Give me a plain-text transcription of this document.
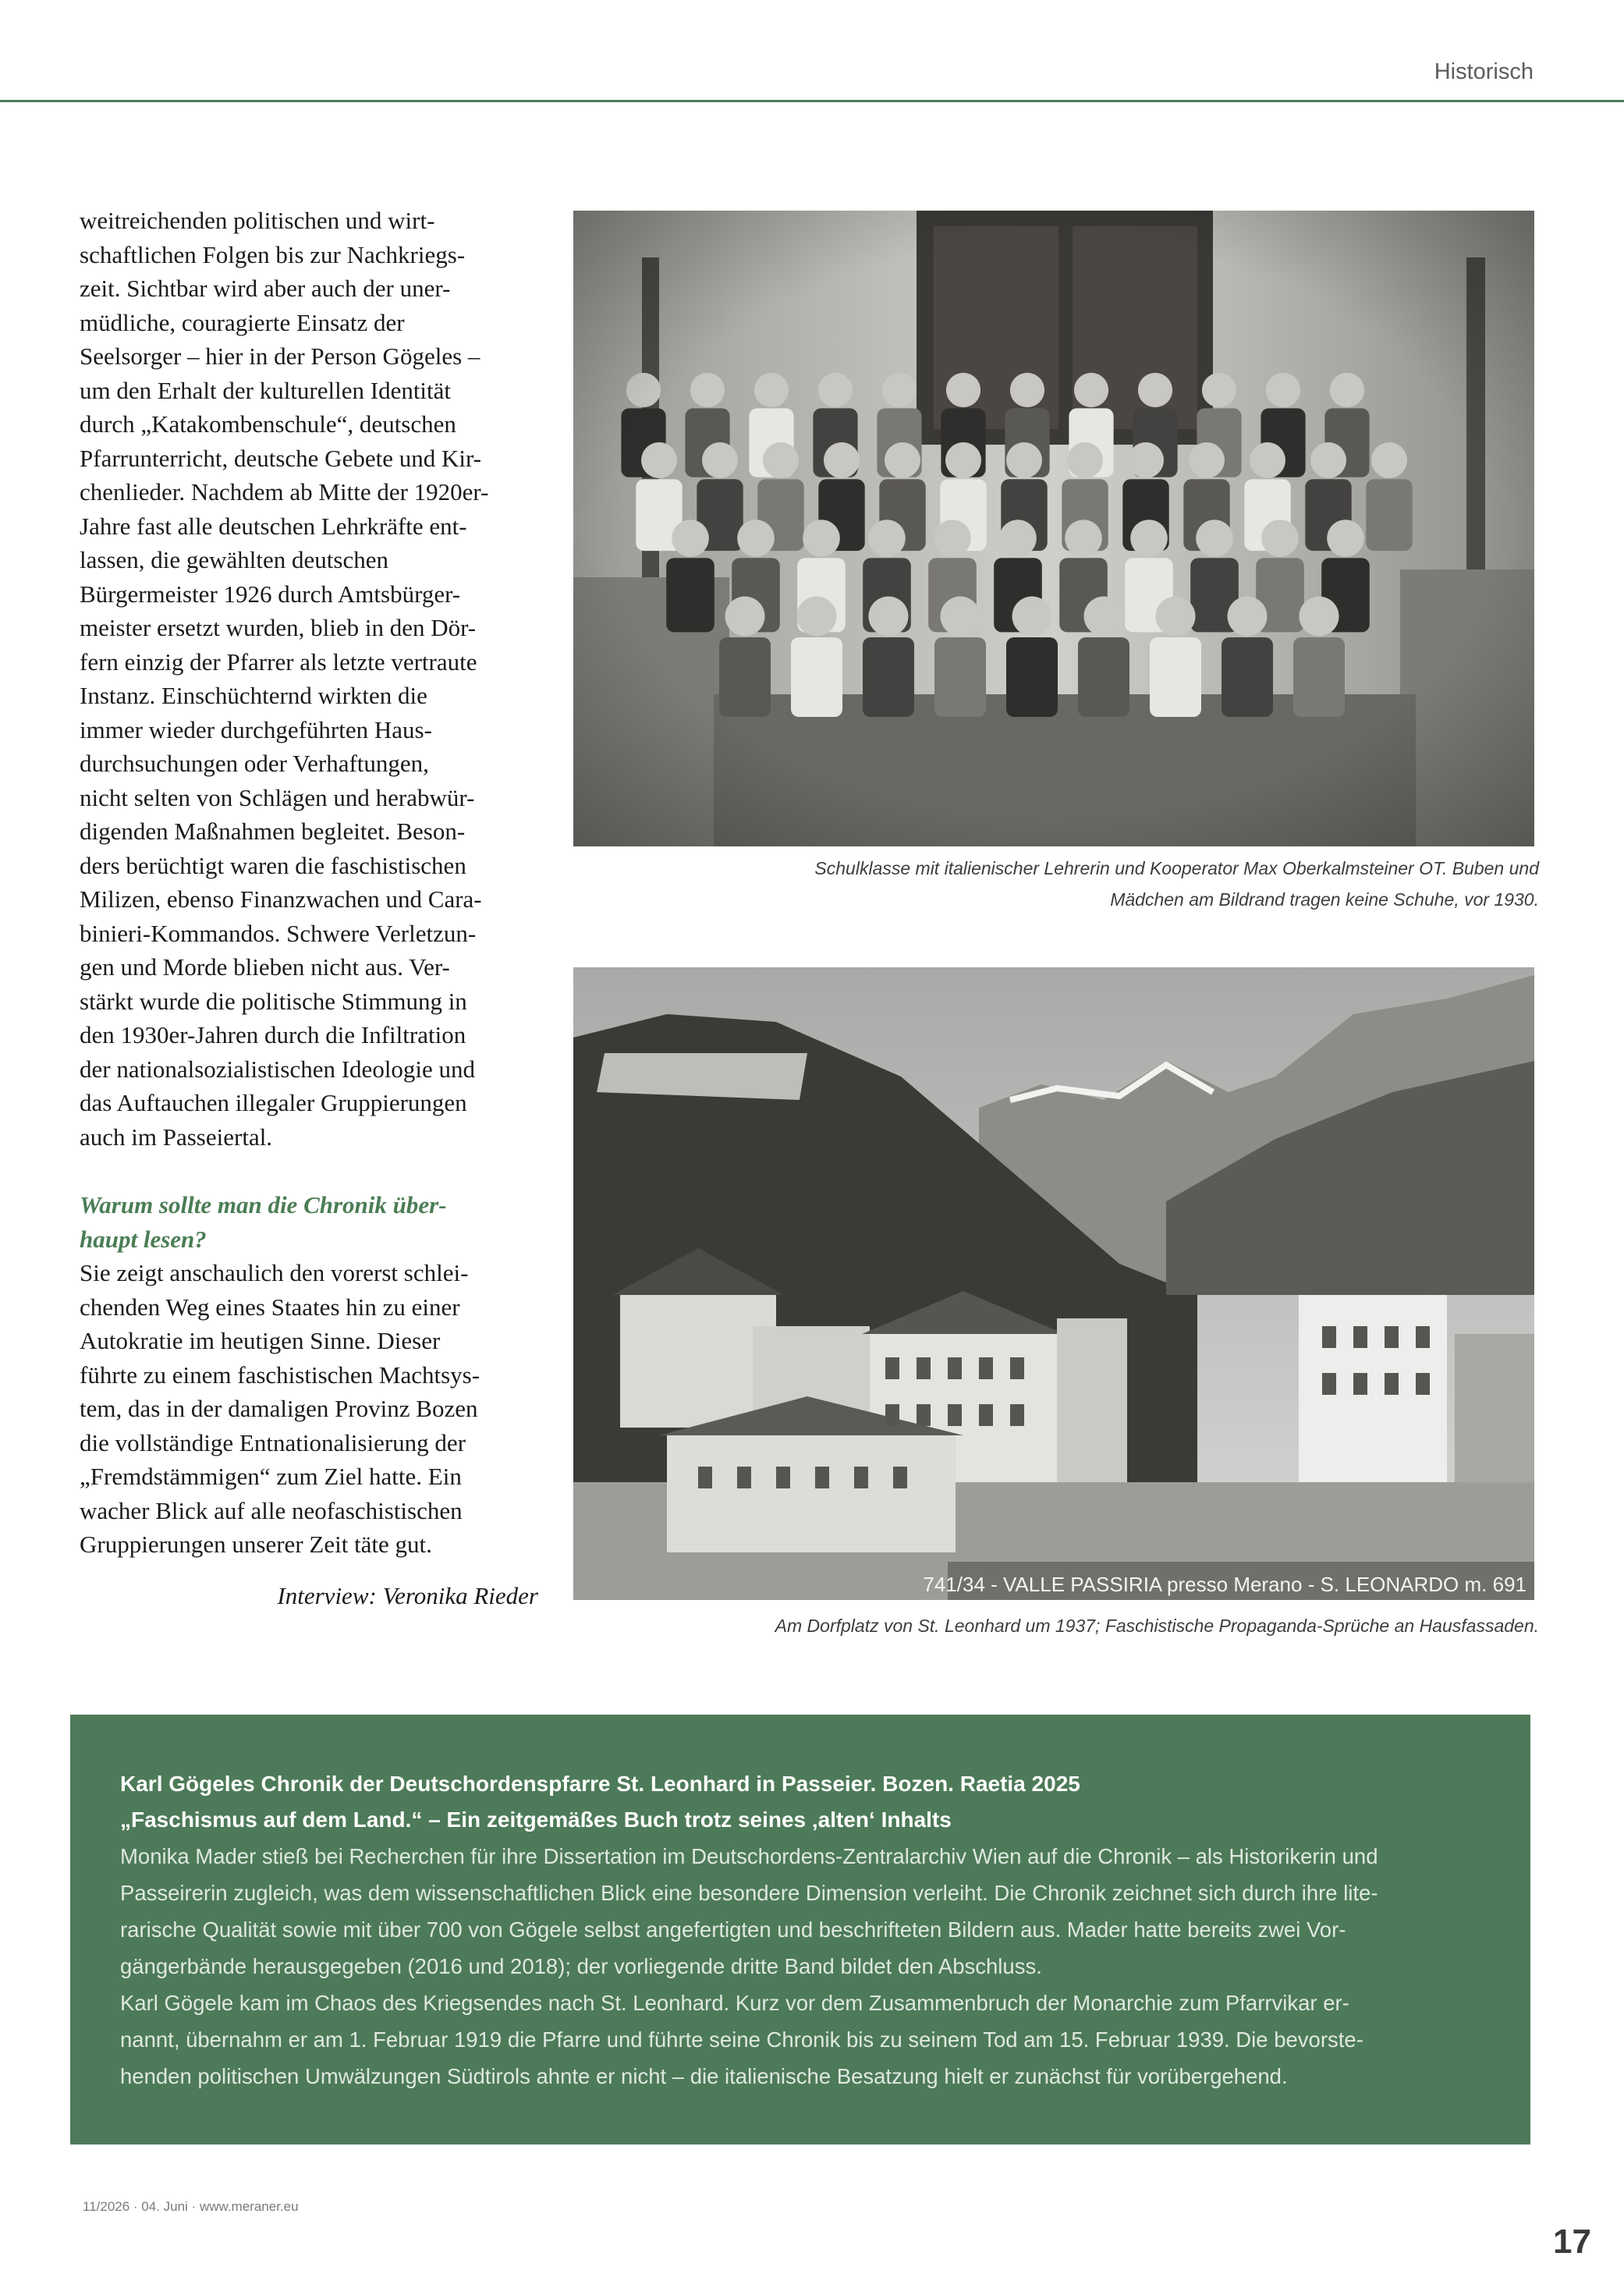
Historisch

weitreichenden politischen und wirt-
schaftlichen Folgen bis zur Nachkriegs-
zeit. Sichtbar wird aber auch der uner-
müdliche, couragierte Einsatz der
Seelsorger – hier in der Person Gögeles –
um den Erhalt der kulturellen Identität
durch „Katakombenschule“, deutschen
Pfarrunterricht, deutsche Gebete und Kir-
chenlieder. Nachdem ab Mitte der 1920er-
Jahre fast alle deutschen Lehrkräfte ent-
lassen, die gewählten deutschen
Bürgermeister 1926 durch Amtsbürger-
meister ersetzt wurden, blieb in den Dör-
fern einzig der Pfarrer als letzte vertraute
Instanz. Einschüchternd wirkten die
immer wieder durchgeführten Haus-
durchsuchungen oder Verhaftungen,
nicht selten von Schlägen und herabwür-
digenden Maßnahmen begleitet. Beson-
ders berüchtigt waren die faschistischen
Milizen, ebenso Finanzwachen und Cara-
binieri-Kommandos. Schwere Verletzun-
gen und Morde blieben nicht aus. Ver-
stärkt wurde die politische Stimmung in
den 1930er-Jahren durch die Infiltration
der nationalsozialistischen Ideologie und
das Auftauchen illegaler Gruppierungen
auch im Passeiertal.

Warum sollte man die Chronik über-
haupt lesen?

Sie zeigt anschaulich den vorerst schlei-
chenden Weg eines Staates hin zu einer
Autokratie im heutigen Sinne. Dieser
führte zu einem faschistischen Machtsys-
tem, das in der damaligen Provinz Bozen
die vollständige Entnationalisierung der
„Fremdstämmigen“ zum Ziel hatte. Ein
wacher Blick auf alle neofaschistischen
Gruppierungen unserer Zeit täte gut.

Interview: Veronika Rieder

Schulklasse mit italienischer Lehrerin und Kooperator Max Oberkalmsteiner OT. Buben und
Mädchen am Bildrand tragen keine Schuhe, vor 1930.
741/34 - VALLE PASSIRIA presso Merano - S. LEONARDO m. 691
Am Dorfplatz von St. Leonhard um 1937; Faschistische Propaganda-Sprüche an Hausfassaden.

Karl Gögeles Chronik der Deutschordenspfarre St. Leonhard in Passeier. Bozen. Raetia 2025

„Faschismus auf dem Land.“ – Ein zeitgemäßes Buch trotz seines ‚alten‘ Inhalts

Monika Mader stieß bei Recherchen für ihre Dissertation im Deutschordens-Zentralarchiv Wien auf die Chronik – als Historikerin und

Passeirerin zugleich, was dem wissenschaftlichen Blick eine besondere Dimension verleiht. Die Chronik zeichnet sich durch ihre lite-

rarische Qualität sowie mit über 700 von Gögele selbst angefertigten und beschrifteten Bildern aus. Mader hatte bereits zwei Vor-

gängerbände herausgegeben (2016 und 2018); der vorliegende dritte Band bildet den Abschluss.

Karl Gögele kam im Chaos des Kriegsendes nach St. Leonhard. Kurz vor dem Zusammenbruch der Monarchie zum Pfarrvikar er-

nannt, übernahm er am 1. Februar 1919 die Pfarre und führte seine Chronik bis zu seinem Tod am 15. Februar 1939. Die bevorste-

henden politischen Umwälzungen Südtirols ahnte er nicht – die italienische Besatzung hielt er zunächst für vorübergehend.

11/2026 · 04. Juni · www.meraner.eu
17
